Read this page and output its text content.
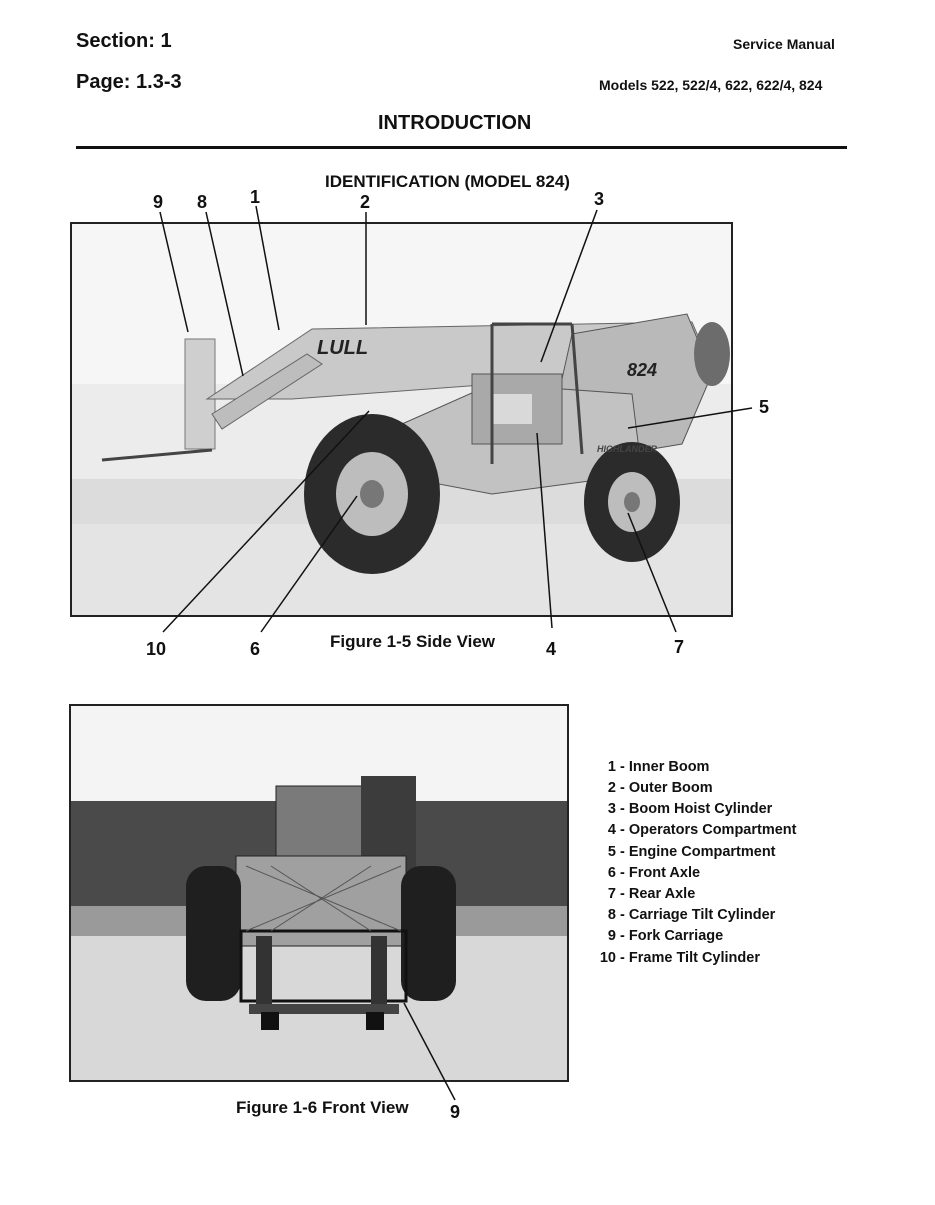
Section: 1
Page: 1.3-3
Service Manual
Models 522, 522/4, 622, 622/4, 824
INTRODUCTION
IDENTIFICATION (MODEL 824)
LULL
824
HIGHLANDER
9 8 1	2	3
5
10	6	4	7
Figure 1-5 Side View
9
Figure 1-6 Front View
1 - Inner Boom
2 - Outer Boom
3 - Boom Hoist Cylinder
4 - Operators Compartment
5 - Engine Compartment
6 - Front Axle
7 - Rear Axle
8 - Carriage Tilt Cylinder
9 - Fork Carriage
10 - Frame Tilt Cylinder
